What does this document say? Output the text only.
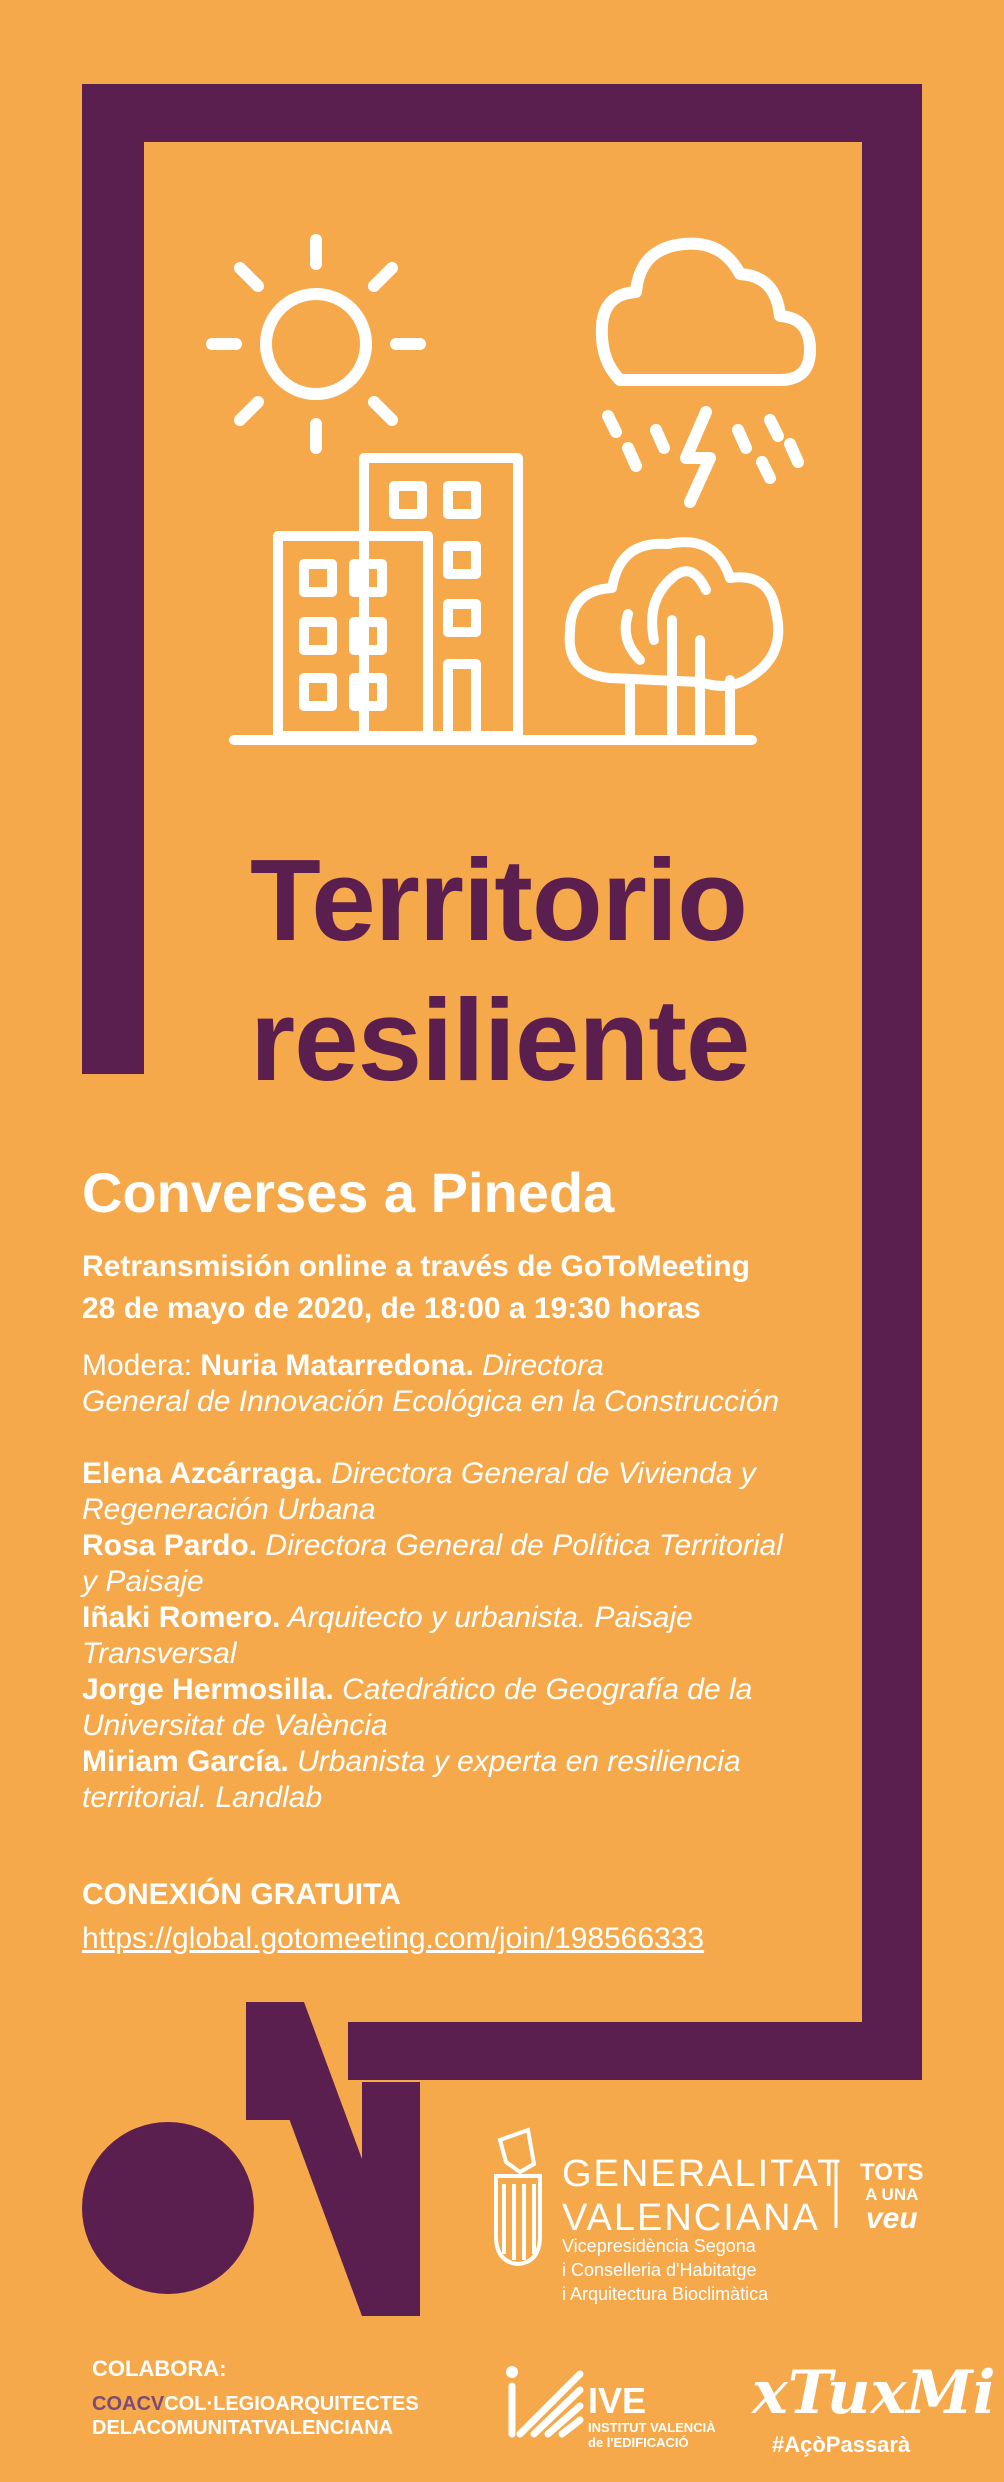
Territorio
resiliente
Converses a Pineda
Retransmisión online a través de GoToMeeting
28 de mayo de 2020, de 18:00 a 19:30 horas
Modera: Nuria Matarredona. Directora
General de Innovación Ecológica en la Construcción
Elena Azcárraga. Directora General de Vivienda y
Regeneración Urbana
Rosa Pardo. Directora General de Política Territorial
y Paisaje
Iñaki Romero. Arquitecto y urbanista. Paisaje
Transversal
Jorge Hermosilla. Catedrático de Geografía de la
Universitat de València
Miriam García. Urbanista y experta en resiliencia
territorial. Landlab
CONEXIÓN GRATUITA
https://global.gotomeeting.com/join/198566333
GENERALITAT
VALENCIANA
Vicepresidència Segona
i Conselleria d'Habitatge
i Arquitectura Bioclimàtica
TOTS
A UNA
veu
COLABORA:
COACVCOL·LEGIOARQUITECTES
DELACOMUNITATVALENCIANA
IVE
INSTITUT VALENCIÀ
de l'EDIFICACIÓ
xTuxMi
#AçòPassarà
